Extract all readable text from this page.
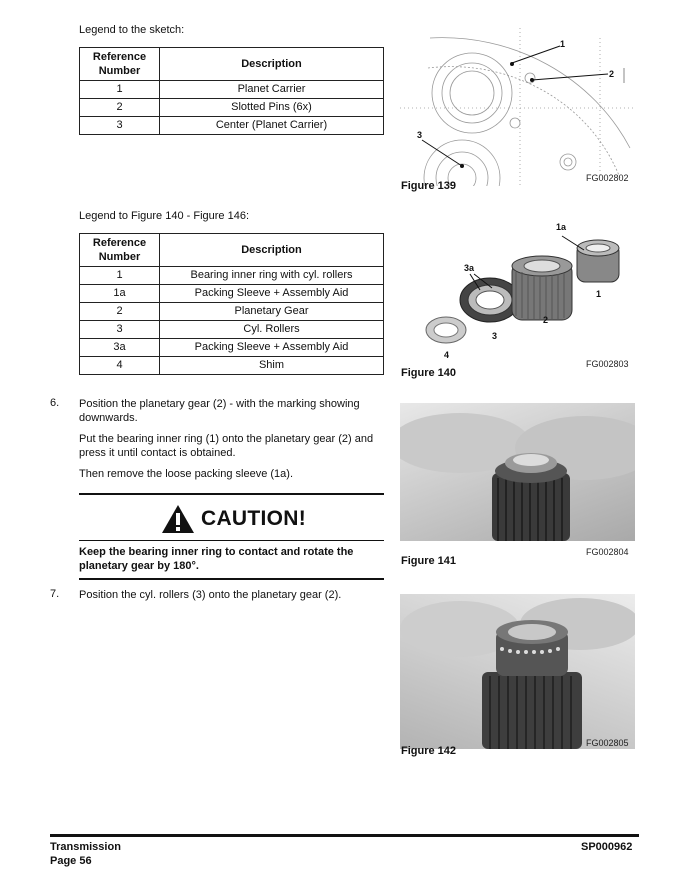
Legend to the sketch:
Reference Number	Description
1	Planet Carrier
2	Slotted Pins (6x)
3	Center (Planet Carrier)
1
2
3
FG002802
Figure 139
Legend to Figure 140 - Figure 146:
Reference Number	Description
1	Bearing inner ring with cyl. rollers
1a	Packing Sleeve + Assembly Aid
2	Planetary Gear
3	Cyl. Rollers
3a	Packing Sleeve + Assembly Aid
4	Shim
1a
3a
1
2
3
4
FG002803
Figure 140
6. Position the planetary gear (2) - with the marking showing downwards.
Put the bearing inner ring (1) onto the planetary gear (2) and press it until contact is obtained.
Then remove the loose packing sleeve (1a).
CAUTION!
Keep the bearing inner ring to contact and rotate the planetary gear by 180°.
7. Position the cyl. rollers (3) onto the planetary gear (2).
FG002804
Figure 141
FG002805
Figure 142
Transmission
Page 56
SP000962
